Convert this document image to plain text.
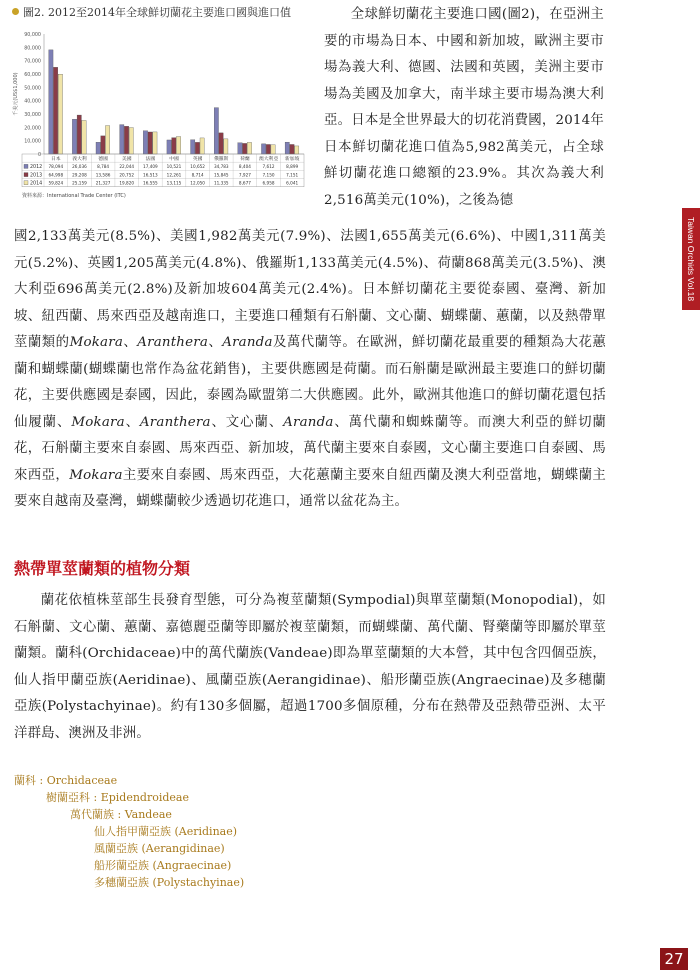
Taiwan Orchids Vol.18
圖2. 2012至2014年全球鮮切蘭花主要進口國與進口值
千美元(US$1,000)
90,000
80,000
70,000
60,000
50,000
40,000
30,000
20,000
10,000
0
日本 義大利 德國	美國	法國	中國	英國 俄羅斯 荷蘭 澳大利亞 新加坡
2012 78,094 26,036 8,784 22,044 17,409 10,521 10,652 34,783 8,404	7,612	8,899
2013 64,998 29,208 13,586 20,752 16,513 12,261 8,714 15,845 7,927	7,150	7,151
2014 59,824 25,159 21,327 19,820 16,555 13,115 12,050 11,335 8,677	6,958	6,041
資料來源：International Trade Center (ITC)

全球鮮切蘭花主要進口國(圖2)，在亞洲主要的市場為日本、中國和新加坡，歐洲主要市場為義大利、德國、法國和英國，美洲主要市場為美國及加拿大，南半球主要市場為澳大利亞。日本是全世界最大的切花消費國，2014年日本鮮切蘭花進口值為5,982萬美元，占全球鮮切蘭花進口總額的23.9%。其次為義大利2,516萬美元(10%)，之後為德

國2,133萬美元(8.5%)、美國1,982萬美元(7.9%)、法國1,655萬美元(6.6%)、中國1,311萬美元(5.2%)、英國1,205萬美元(4.8%)、俄羅斯1,133萬美元(4.5%)、荷蘭868萬美元(3.5%)、澳大利亞696萬美元(2.8%)及新加坡604萬美元(2.4%)。日本鮮切蘭花主要從泰國、臺灣、新加坡、紐西蘭、馬來西亞及越南進口，主要進口種類有石斛蘭、文心蘭、蝴蝶蘭、蕙蘭，以及熱帶單莖蘭類的Mokara、Aranthera、Aranda及萬代蘭等。在歐洲，鮮切蘭花最重要的種類為大花蕙蘭和蝴蝶蘭(蝴蝶蘭也常作為盆花銷售)，主要供應國是荷蘭。而石斛蘭是歐洲最主要進口的鮮切蘭花，主要供應國是泰國，因此，泰國為歐盟第二大供應國。此外，歐洲其他進口的鮮切蘭花還包括仙履蘭、Mokara、Aranthera、文心蘭、Aranda、萬代蘭和蜘蛛蘭等。而澳大利亞的鮮切蘭花，石斛蘭主要來自泰國、馬來西亞、新加坡，萬代蘭主要來自泰國，文心蘭主要進口自泰國、馬來西亞，Mokara主要來自泰國、馬來西亞，大花蕙蘭主要來自紐西蘭及澳大利亞當地，蝴蝶蘭主要來自越南及臺灣，蝴蝶蘭較少透過切花進口，通常以盆花為主。

熱帶單莖蘭類的植物分類

蘭花依植株莖部生長發育型態，可分為複莖蘭類(Sympodial)與單莖蘭類(Monopodial)，如石斛蘭、文心蘭、蕙蘭、嘉德麗亞蘭等即屬於複莖蘭類，而蝴蝶蘭、萬代蘭、腎藥蘭等即屬於單莖蘭類。蘭科(Orchidaceae)中的萬代蘭族(Vandeae)即為單莖蘭類的大本營，其中包含四個亞族，仙人指甲蘭亞族(Aeridinae)、風蘭亞族(Aerangidinae)、船形蘭亞族(Angraecinae)及多穗蘭亞族(Polystachyinae)。約有130多個屬，超過1700多個原種，分布在熱帶及亞熱帶亞洲、太平洋群島、澳洲及非洲。

蘭科 : Orchidaceae
樹蘭亞科 : Epidendroideae
萬代蘭族 : Vandeae
仙人指甲蘭亞族 (Aeridinae)
風蘭亞族 (Aerangidinae)
船形蘭亞族 (Angraecinae)
多穗蘭亞族 (Polystachyinae)
27
